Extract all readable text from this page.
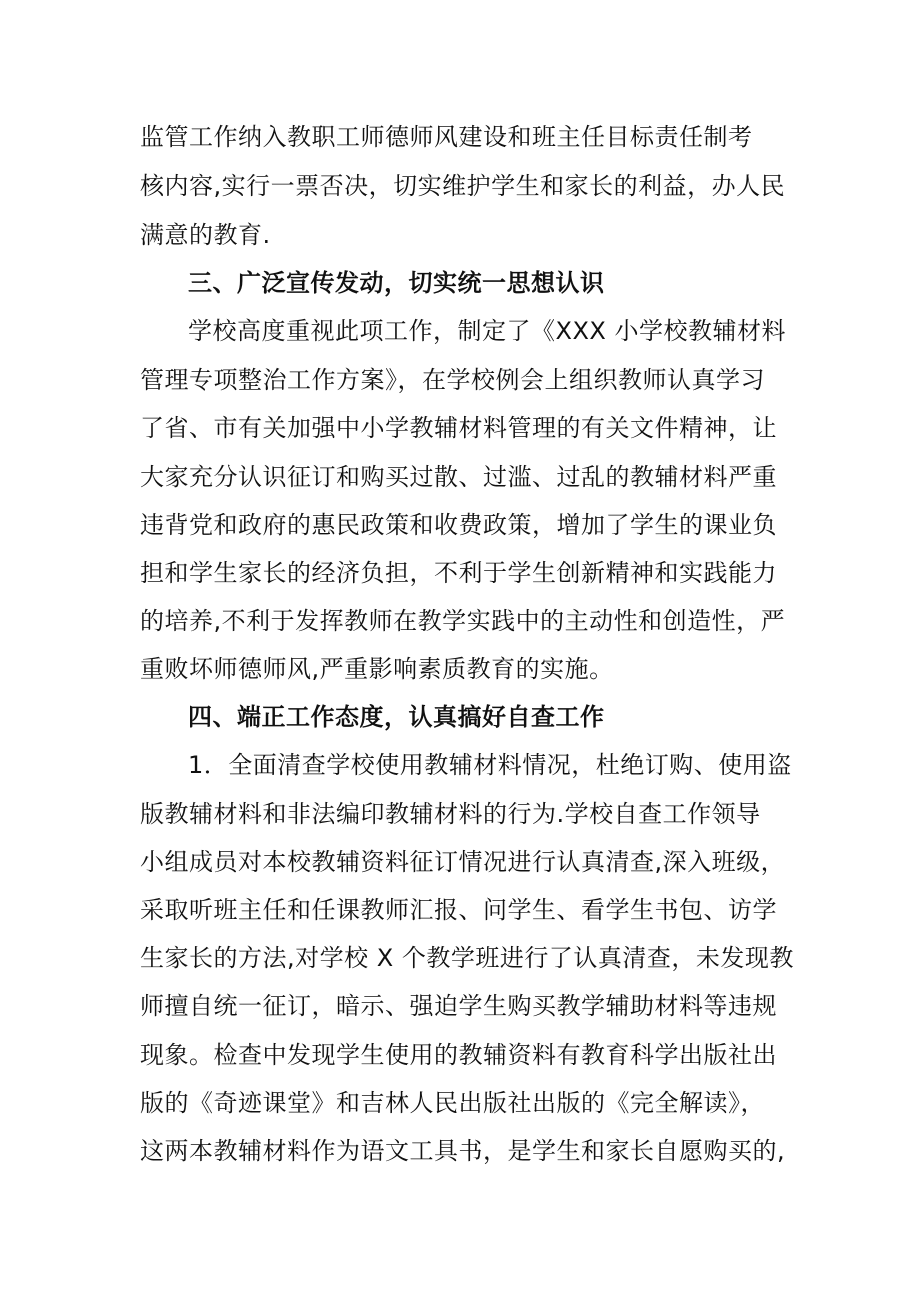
监管工作纳入教职工师德师风建设和班主任目标责任制考
核内容,实行一票否决，切实维护学生和家长的利益，办人民
满意的教育.
三、广泛宣传发动，切实统一思想认识
学校高度重视此项工作，制定了《XXX 小学校教辅材料
管理专项整治工作方案》，在学校例会上组织教师认真学习
了省、市有关加强中小学教辅材料管理的有关文件精神，让
大家充分认识征订和购买过散、过滥、过乱的教辅材料严重
违背党和政府的惠民政策和收费政策，增加了学生的课业负
担和学生家长的经济负担，不利于学生创新精神和实践能力
的培养,不利于发挥教师在教学实践中的主动性和创造性，严
重败坏师德师风,严重影响素质教育的实施。
四、端正工作态度，认真搞好自查工作
1．全面清查学校使用教辅材料情况，杜绝订购、使用盗
版教辅材料和非法编印教辅材料的行为.学校自查工作领导
小组成员对本校教辅资料征订情况进行认真清查,深入班级，
采取听班主任和任课教师汇报、问学生、看学生书包、访学
生家长的方法,对学校 X 个教学班进行了认真清查，未发现教
师擅自统一征订，暗示、强迫学生购买教学辅助材料等违规
现象。检查中发现学生使用的教辅资料有教育科学出版社出
版的《奇迹课堂》和吉林人民出版社出版的《完全解读》，
这两本教辅材料作为语文工具书，是学生和家长自愿购买的,
